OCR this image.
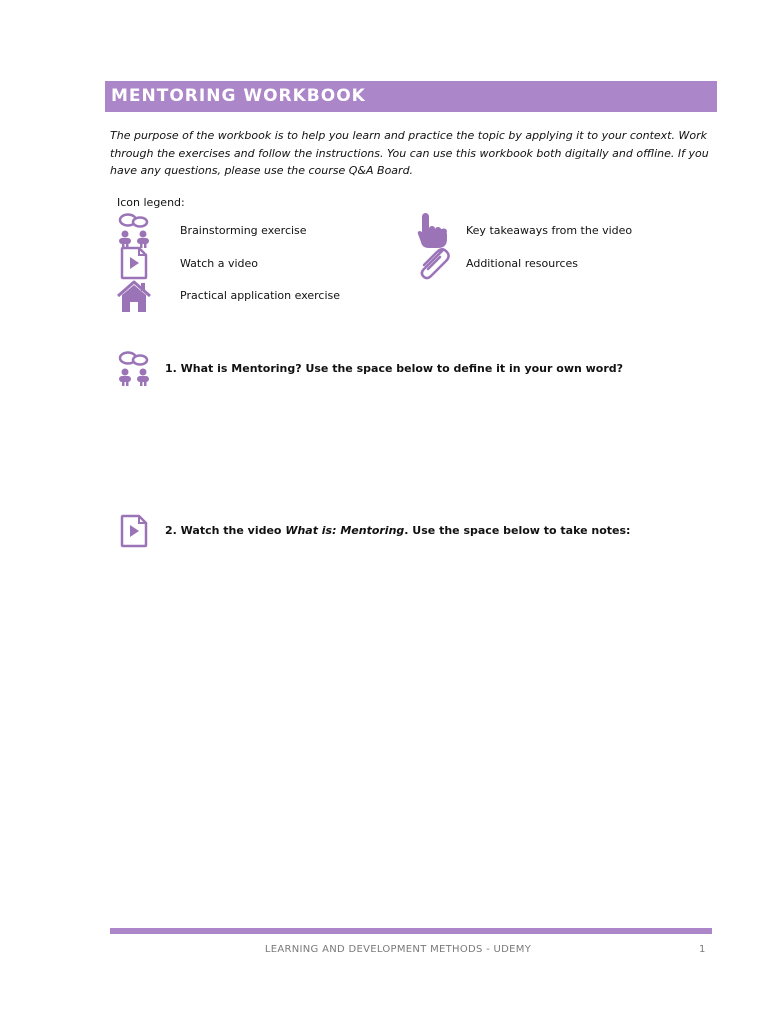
MENTORING WORKBOOK
The purpose of the workbook is to help you learn and practice the topic by applying it to your context. Work through the exercises and follow the instructions. You can use this workbook both digitally and offline. If you have any questions, please use the course Q&A Board.
Icon legend:
Brainstorming exercise
Watch a video
Practical application exercise
Key takeaways from the video
Additional resources
1. What is Mentoring? Use the space below to define it in your own word?
2. Watch the video What is: Mentoring. Use the space below to take notes:
LEARNING AND DEVELOPMENT METHODS - UDEMY	1
